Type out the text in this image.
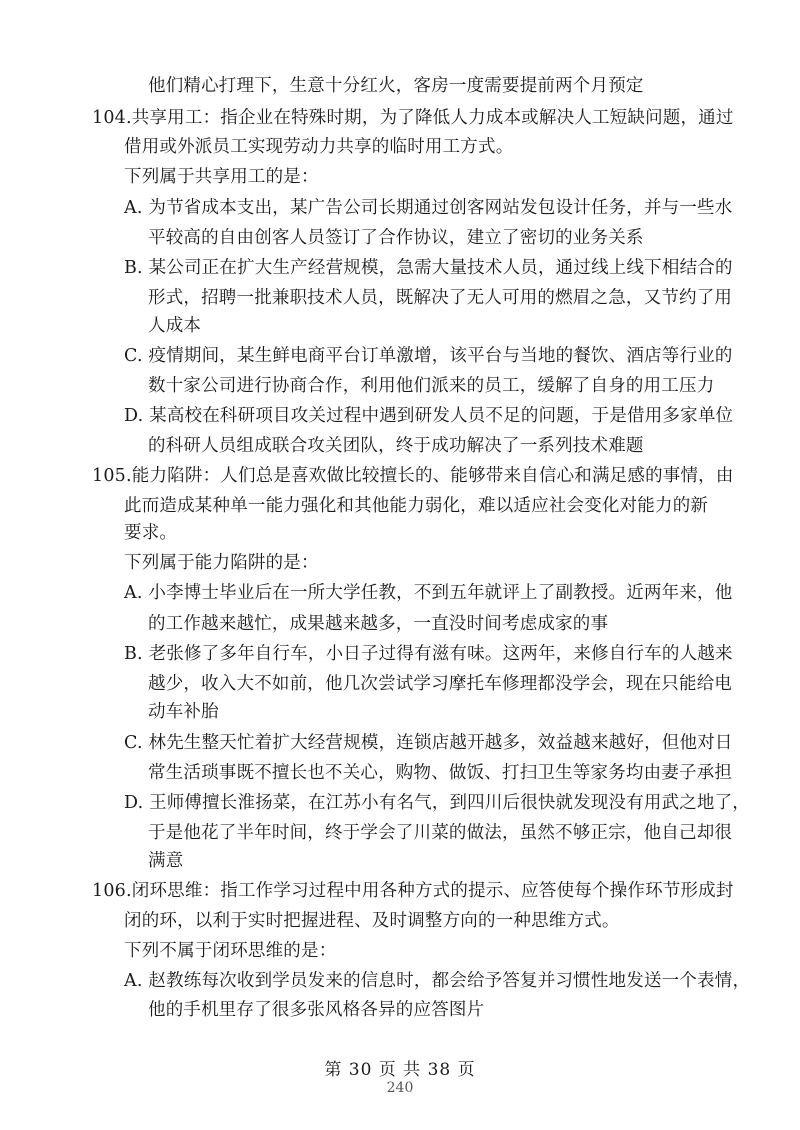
他们精心打理下，生意十分红火，客房一度需要提前两个月预定
104.共享用工：指企业在特殊时期，为了降低人力成本或解决人工短缺问题，通过
借用或外派员工实现劳动力共享的临时用工方式。
下列属于共享用工的是：
A. 为节省成本支出，某广告公司长期通过创客网站发包设计任务，并与一些水
平较高的自由创客人员签订了合作协议，建立了密切的业务关系
B. 某公司正在扩大生产经营规模，急需大量技术人员，通过线上线下相结合的
形式，招聘一批兼职技术人员，既解决了无人可用的燃眉之急，又节约了用
人成本
C. 疫情期间，某生鲜电商平台订单激增，该平台与当地的餐饮、酒店等行业的
数十家公司进行协商合作，利用他们派来的员工，缓解了自身的用工压力
D. 某高校在科研项目攻关过程中遇到研发人员不足的问题，于是借用多家单位
的科研人员组成联合攻关团队，终于成功解决了一系列技术难题
105.能力陷阱：人们总是喜欢做比较擅长的、能够带来自信心和满足感的事情，由
此而造成某种单一能力强化和其他能力弱化，难以适应社会变化对能力的新
要求。
下列属于能力陷阱的是：
A. 小李博士毕业后在一所大学任教，不到五年就评上了副教授。近两年来，他
的工作越来越忙，成果越来越多，一直没时间考虑成家的事
B. 老张修了多年自行车，小日子过得有滋有味。这两年，来修自行车的人越来
越少，收入大不如前，他几次尝试学习摩托车修理都没学会，现在只能给电
动车补胎
C. 林先生整天忙着扩大经营规模，连锁店越开越多，效益越来越好，但他对日
常生活琐事既不擅长也不关心，购物、做饭、打扫卫生等家务均由妻子承担
D. 王师傅擅长淮扬菜，在江苏小有名气，到四川后很快就发现没有用武之地了，
于是他花了半年时间，终于学会了川菜的做法，虽然不够正宗，他自己却很
满意
106.闭环思维：指工作学习过程中用各种方式的提示、应答使每个操作环节形成封
闭的环，以利于实时把握进程、及时调整方向的一种思维方式。
下列不属于闭环思维的是：
A. 赵教练每次收到学员发来的信息时，都会给予答复并习惯性地发送一个表情，
他的手机里存了很多张风格各异的应答图片
第 30 页 共 38 页
240
